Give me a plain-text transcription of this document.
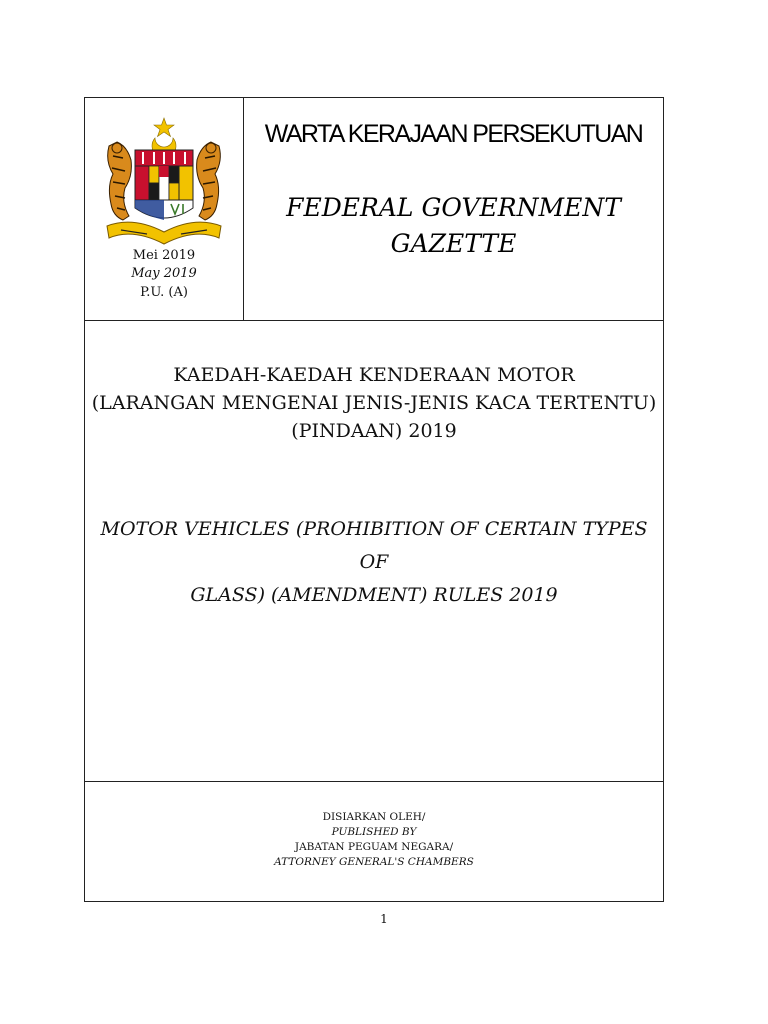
Mei 2019
May 2019
P.U. (A)
WARTA KERAJAAN PERSEKUTUAN
FEDERAL GOVERNMENT
GAZETTE
KAEDAH-KAEDAH KENDERAAN MOTOR
(LARANGAN MENGENAI JENIS-JENIS KACA TERTENTU)
(PINDAAN) 2019
MOTOR VEHICLES (PROHIBITION OF CERTAIN TYPES OF
GLASS) (AMENDMENT) RULES 2019
DISIARKAN OLEH/
PUBLISHED BY
JABATAN PEGUAM NEGARA/
ATTORNEY GENERAL'S CHAMBERS
1
